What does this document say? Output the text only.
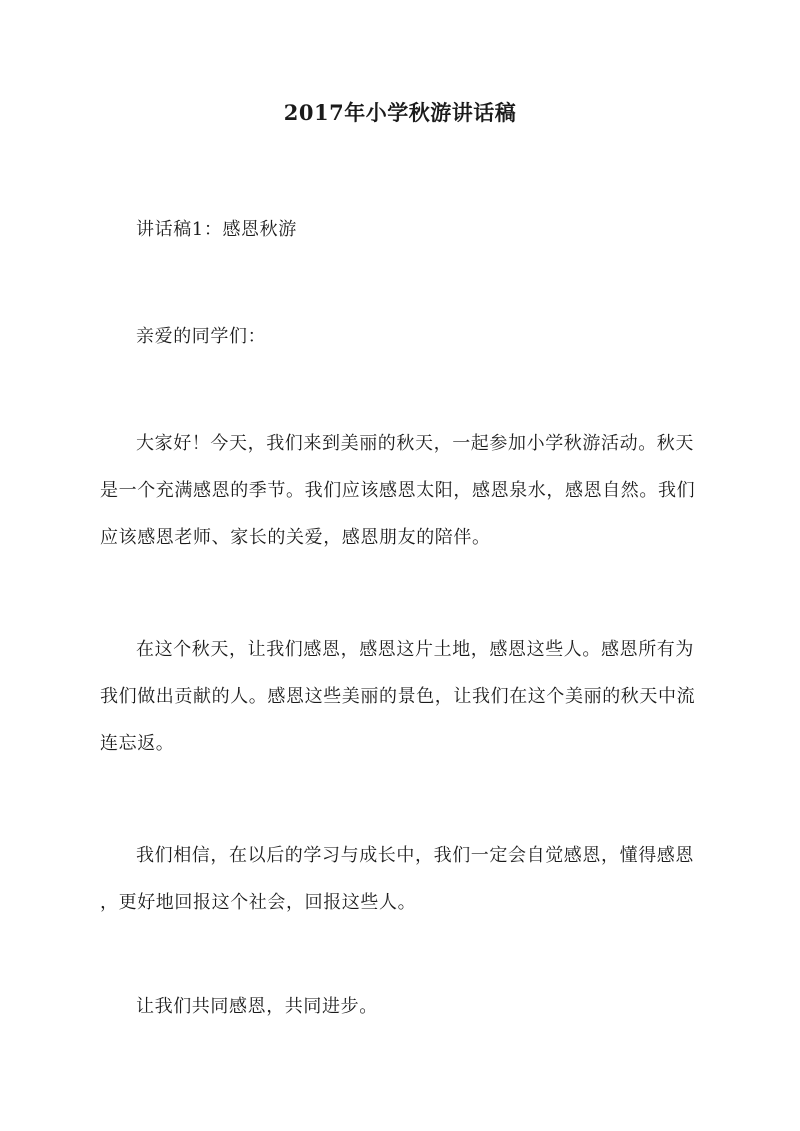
2017年小学秋游讲话稿

讲话稿1：感恩秋游

亲爱的同学们：

大家好！今天，我们来到美丽的秋天，一起参加小学秋游活动。秋天
是一个充满感恩的季节。我们应该感恩太阳，感恩泉水，感恩自然。我们
应该感恩老师、家长的关爱，感恩朋友的陪伴。
在这个秋天，让我们感恩，感恩这片土地，感恩这些人。感恩所有为
我们做出贡献的人。感恩这些美丽的景色，让我们在这个美丽的秋天中流
连忘返。
我们相信，在以后的学习与成长中，我们一定会自觉感恩，懂得感恩
，更好地回报这个社会，回报这些人。

让我们共同感恩，共同进步。
